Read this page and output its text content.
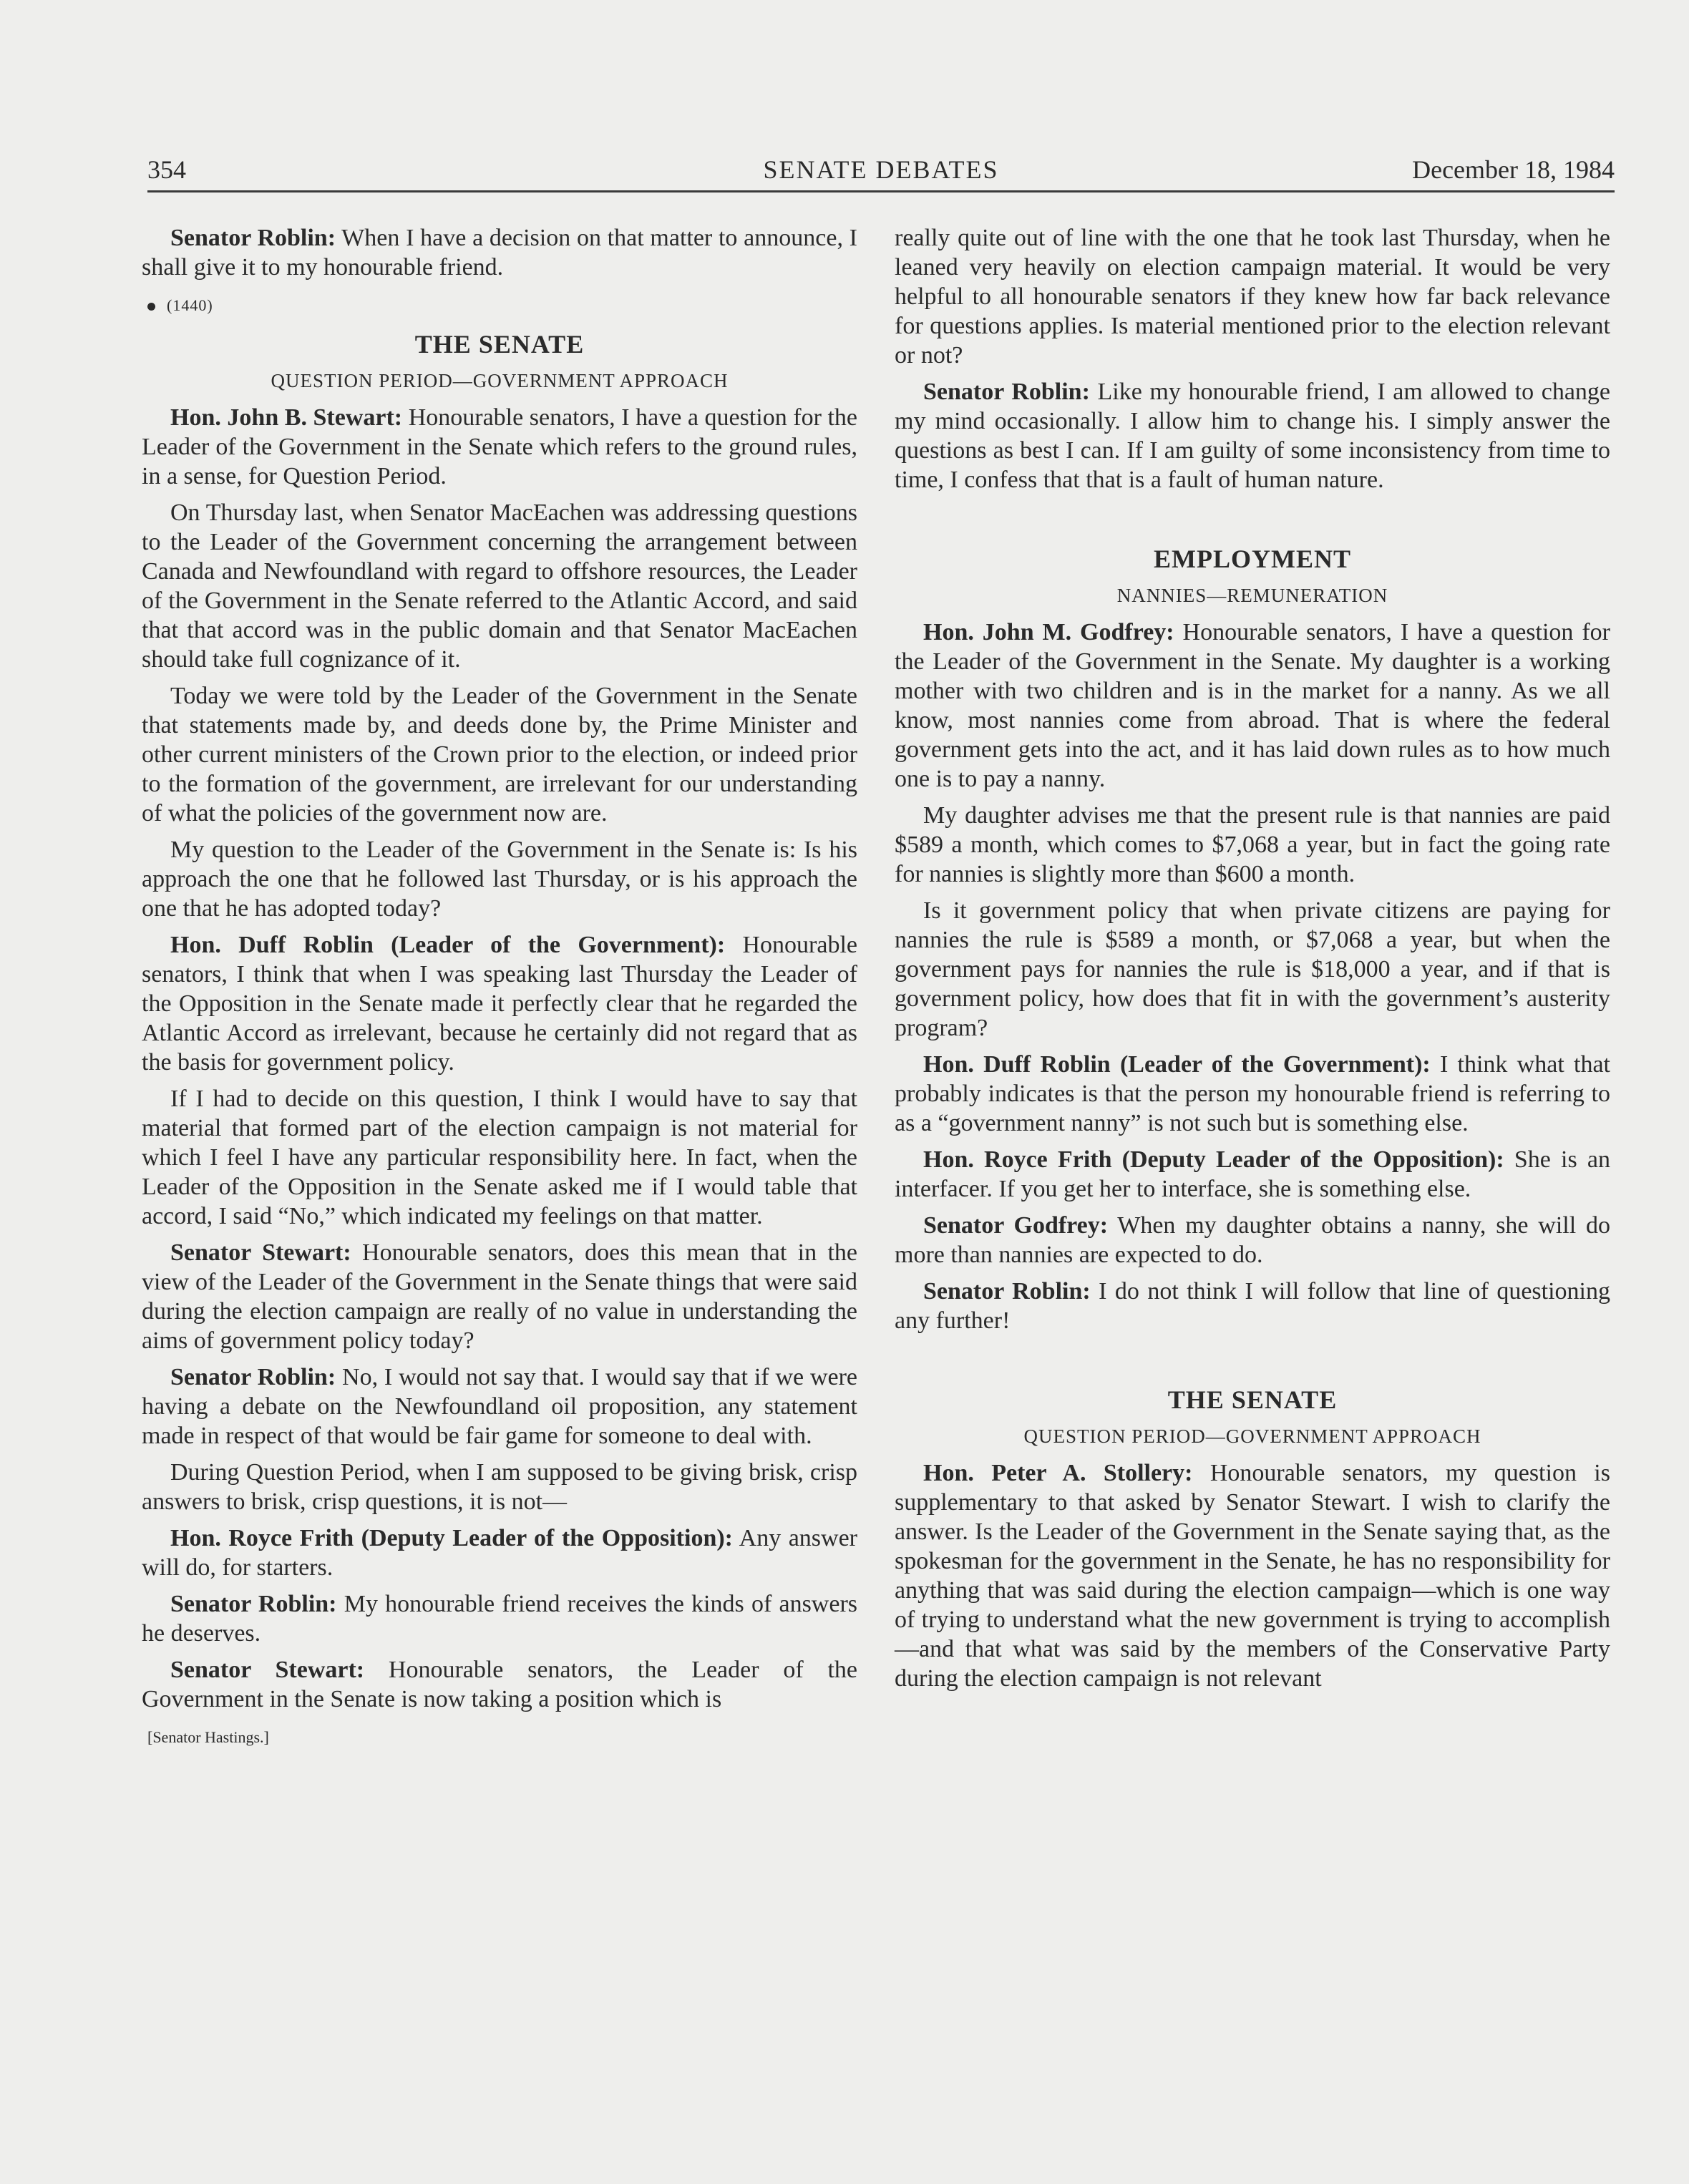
354	SENATE DEBATES	December 18, 1984

Senator Roblin: When I have a decision on that matter to announce, I shall give it to my honourable friend.

(1440)
THE SENATE
QUESTION PERIOD—GOVERNMENT APPROACH

Hon. John B. Stewart: Honourable senators, I have a question for the Leader of the Government in the Senate which refers to the ground rules, in a sense, for Question Period.

On Thursday last, when Senator MacEachen was addressing questions to the Leader of the Government concerning the arrangement between Canada and Newfoundland with regard to offshore resources, the Leader of the Government in the Senate referred to the Atlantic Accord, and said that that accord was in the public domain and that Senator MacEachen should take full cognizance of it.

Today we were told by the Leader of the Government in the Senate that statements made by, and deeds done by, the Prime Minister and other current ministers of the Crown prior to the election, or indeed prior to the formation of the government, are irrelevant for our understanding of what the policies of the government now are.

My question to the Leader of the Government in the Senate is: Is his approach the one that he followed last Thursday, or is his approach the one that he has adopted today?

Hon. Duff Roblin (Leader of the Government): Honourable senators, I think that when I was speaking last Thursday the Leader of the Opposition in the Senate made it perfectly clear that he regarded the Atlantic Accord as irrelevant, because he certainly did not regard that as the basis for government policy.

If I had to decide on this question, I think I would have to say that material that formed part of the election campaign is not material for which I feel I have any particular responsibility here. In fact, when the Leader of the Opposition in the Senate asked me if I would table that accord, I said “No,” which indicated my feelings on that matter.

Senator Stewart: Honourable senators, does this mean that in the view of the Leader of the Government in the Senate things that were said during the election campaign are really of no value in understanding the aims of government policy today?

Senator Roblin: No, I would not say that. I would say that if we were having a debate on the Newfoundland oil proposition, any statement made in respect of that would be fair game for someone to deal with.

During Question Period, when I am supposed to be giving brisk, crisp answers to brisk, crisp questions, it is not—

Hon. Royce Frith (Deputy Leader of the Opposition): Any answer will do, for starters.

Senator Roblin: My honourable friend receives the kinds of answers he deserves.

Senator Stewart: Honourable senators, the Leader of the Government in the Senate is now taking a position which is

[Senator Hastings.]

really quite out of line with the one that he took last Thursday, when he leaned very heavily on election campaign material. It would be very helpful to all honourable senators if they knew how far back relevance for questions applies. Is material mentioned prior to the election relevant or not?

Senator Roblin: Like my honourable friend, I am allowed to change my mind occasionally. I allow him to change his. I simply answer the questions as best I can. If I am guilty of some inconsistency from time to time, I confess that that is a fault of human nature.

EMPLOYMENT
NANNIES—REMUNERATION

Hon. John M. Godfrey: Honourable senators, I have a question for the Leader of the Government in the Senate. My daughter is a working mother with two children and is in the market for a nanny. As we all know, most nannies come from abroad. That is where the federal government gets into the act, and it has laid down rules as to how much one is to pay a nanny.

My daughter advises me that the present rule is that nannies are paid $589 a month, which comes to $7,068 a year, but in fact the going rate for nannies is slightly more than $600 a month.

Is it government policy that when private citizens are paying for nannies the rule is $589 a month, or $7,068 a year, but when the government pays for nannies the rule is $18,000 a year, and if that is government policy, how does that fit in with the government’s austerity program?

Hon. Duff Roblin (Leader of the Government): I think what that probably indicates is that the person my honourable friend is referring to as a “government nanny” is not such but is something else.

Hon. Royce Frith (Deputy Leader of the Opposition): She is an interfacer. If you get her to interface, she is something else.

Senator Godfrey: When my daughter obtains a nanny, she will do more than nannies are expected to do.

Senator Roblin: I do not think I will follow that line of questioning any further!

THE SENATE
QUESTION PERIOD—GOVERNMENT APPROACH

Hon. Peter A. Stollery: Honourable senators, my question is supplementary to that asked by Senator Stewart. I wish to clarify the answer. Is the Leader of the Government in the Senate saying that, as the spokesman for the government in the Senate, he has no responsibility for anything that was said during the election campaign—which is one way of trying to understand what the new government is trying to accomplish—and that what was said by the members of the Conservative Party during the election campaign is not relevant
